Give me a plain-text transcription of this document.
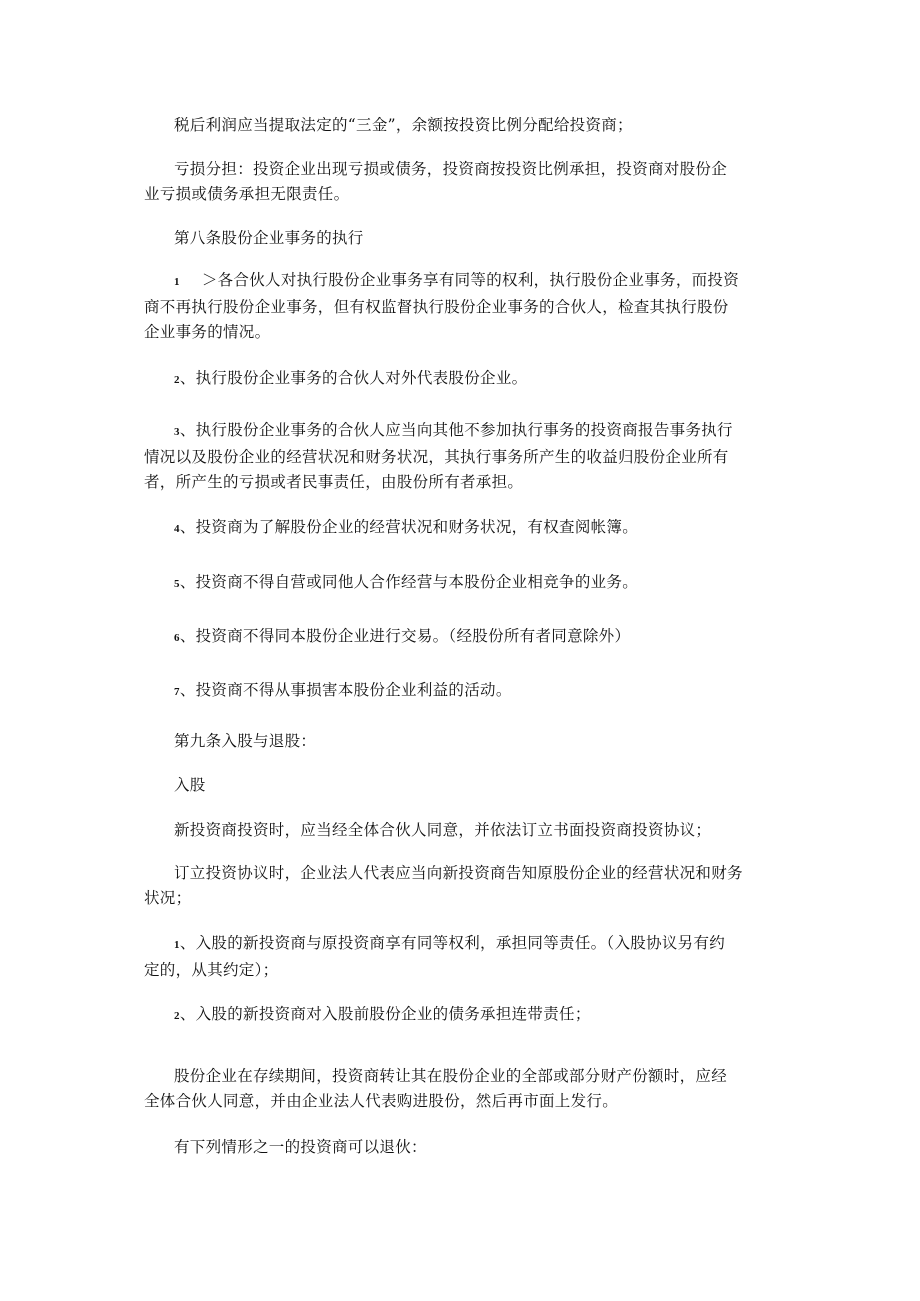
税后利润应当提取法定的“三金”，余额按投资比例分配给投资商；
亏损分担：投资企业出现亏损或债务，投资商按投资比例承担，投资商对股份企
业亏损或债务承担无限责任。
第八条股份企业事务的执行
1 ＞各合伙人对执行股份企业事务享有同等的权利，执行股份企业事务，而投资
商不再执行股份企业事务，但有权监督执行股份企业事务的合伙人，检查其执行股份
企业事务的情况。
2、执行股份企业事务的合伙人对外代表股份企业。
3、执行股份企业事务的合伙人应当向其他不参加执行事务的投资商报告事务执行
情况以及股份企业的经营状况和财务状况，其执行事务所产生的收益归股份企业所有
者，所产生的亏损或者民事责任，由股份所有者承担。
4、投资商为了解股份企业的经营状况和财务状况，有权查阅帐簿。
5、投资商不得自营或同他人合作经营与本股份企业相竞争的业务。
6、投资商不得同本股份企业进行交易。（经股份所有者同意除外）
7、投资商不得从事损害本股份企业利益的活动。
第九条入股与退股：
入股
新投资商投资时，应当经全体合伙人同意，并依法订立书面投资商投资协议；
订立投资协议时，企业法人代表应当向新投资商告知原股份企业的经营状况和财务
状况；
1、入股的新投资商与原投资商享有同等权利，承担同等责任。（入股协议另有约
定的，从其约定）；
2、入股的新投资商对入股前股份企业的债务承担连带责任；
股份企业在存续期间，投资商转让其在股份企业的全部或部分财产份额时，应经
全体合伙人同意，并由企业法人代表购进股份，然后再市面上发行。
有下列情形之一的投资商可以退伙：
